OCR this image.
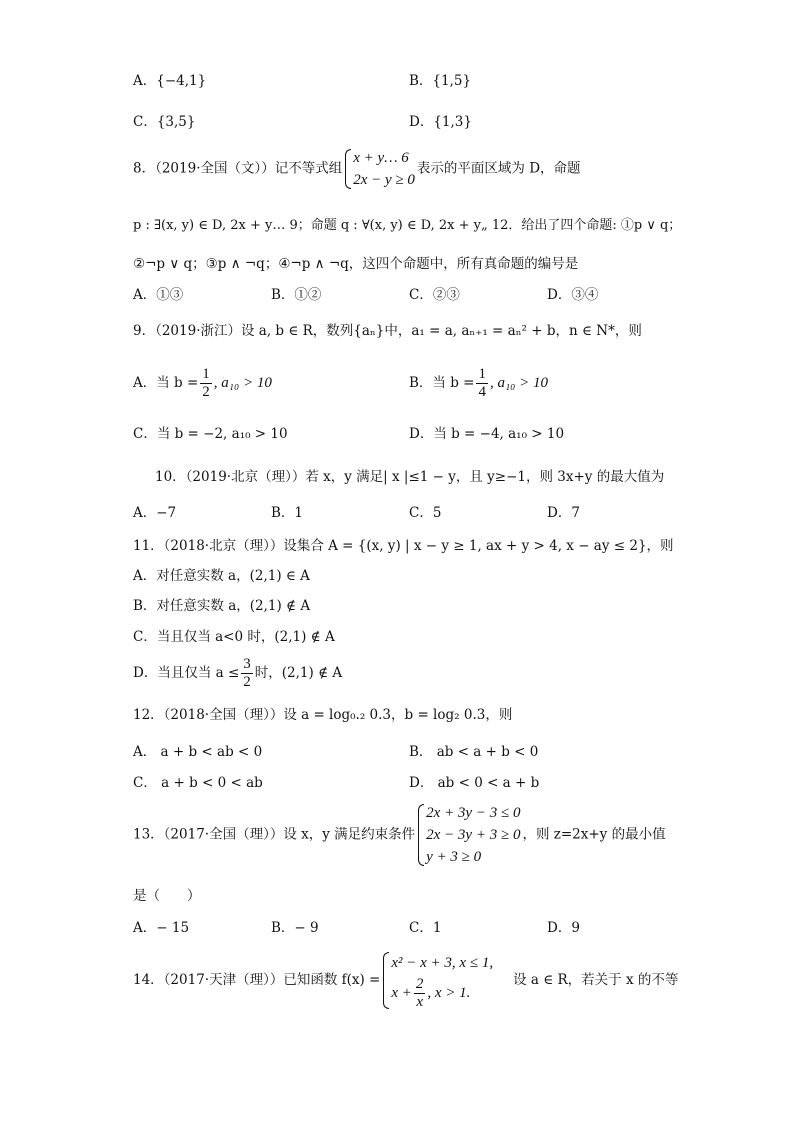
A．{−4,1}	B．{1,5}
C．{3,5}	D．{1,3}
8．（2019·全国（文））记不等式组
x + y… 6
2x − y ≥ 0
表示的平面区域为 D，命题
p : ∃(x, y) ∈ D, 2x + y… 9；命题 q : ∀(x, y) ∈ D, 2x + y„ 12．给出了四个命题: ①p ∨ q；
②¬p ∨ q；③p ∧ ¬q；④¬p ∧ ¬q，这四个命题中，所有真命题的编号是
A．①③	B．①②	C．②③	D．③④
9．（2019·浙江）设 a, b ∈ R，数列{aₙ}中，a₁ = a, aₙ₊₁ = aₙ² + b，n ∈ N*，则
A．当 $b = \frac{1}{2}$ , a₁₀ > 10	B．当 $b = \frac{1}{4}$ , a₁₀ > 10
C．当 b = −2, a₁₀ > 10	D．当 b = −4, a₁₀ > 10
10．（2019·北京（理））若 x，y 满足| x |≤1 − y，且 y≥−1，则 3x+y 的最大值为
A．−7	B．1	C．5	D．7
11．（2018·北京（理））设集合 A = {(x, y) | x − y ≥ 1, ax + y > 4, x − ay ≤ 2}，则
A．对任意实数 a，(2,1) ∈ A
B．对任意实数 a，(2,1) ∉ A
C．当且仅当 a<0 时，(2,1) ∉ A
D．当且仅当 $a \le \frac{3}{2}$ 时，(2,1) ∉ A
12．（2018·全国（理））设 a = log₀.₂ 0.3，b = log₂ 0.3，则
A． a + b < ab < 0	B． ab < a + b < 0
C． a + b < 0 < ab	D． ab < 0 < a + b
13．（2017·全国（理））设 x，y 满足约束条件
2x + 3y − 3 ≤ 0
2x − 3y + 3 ≥ 0
y + 3 ≥ 0
，则 z=2x+y 的最小值
是（　　）
A．− 15	B．− 9	C．1	D．9
14．（2017·天津（理））已知函数 f(x) =
x² − x + 3, x ≤ 1,
$x + \frac{2}{x}$ , x > 1.
设 a ∈ R，若关于 x 的不等
